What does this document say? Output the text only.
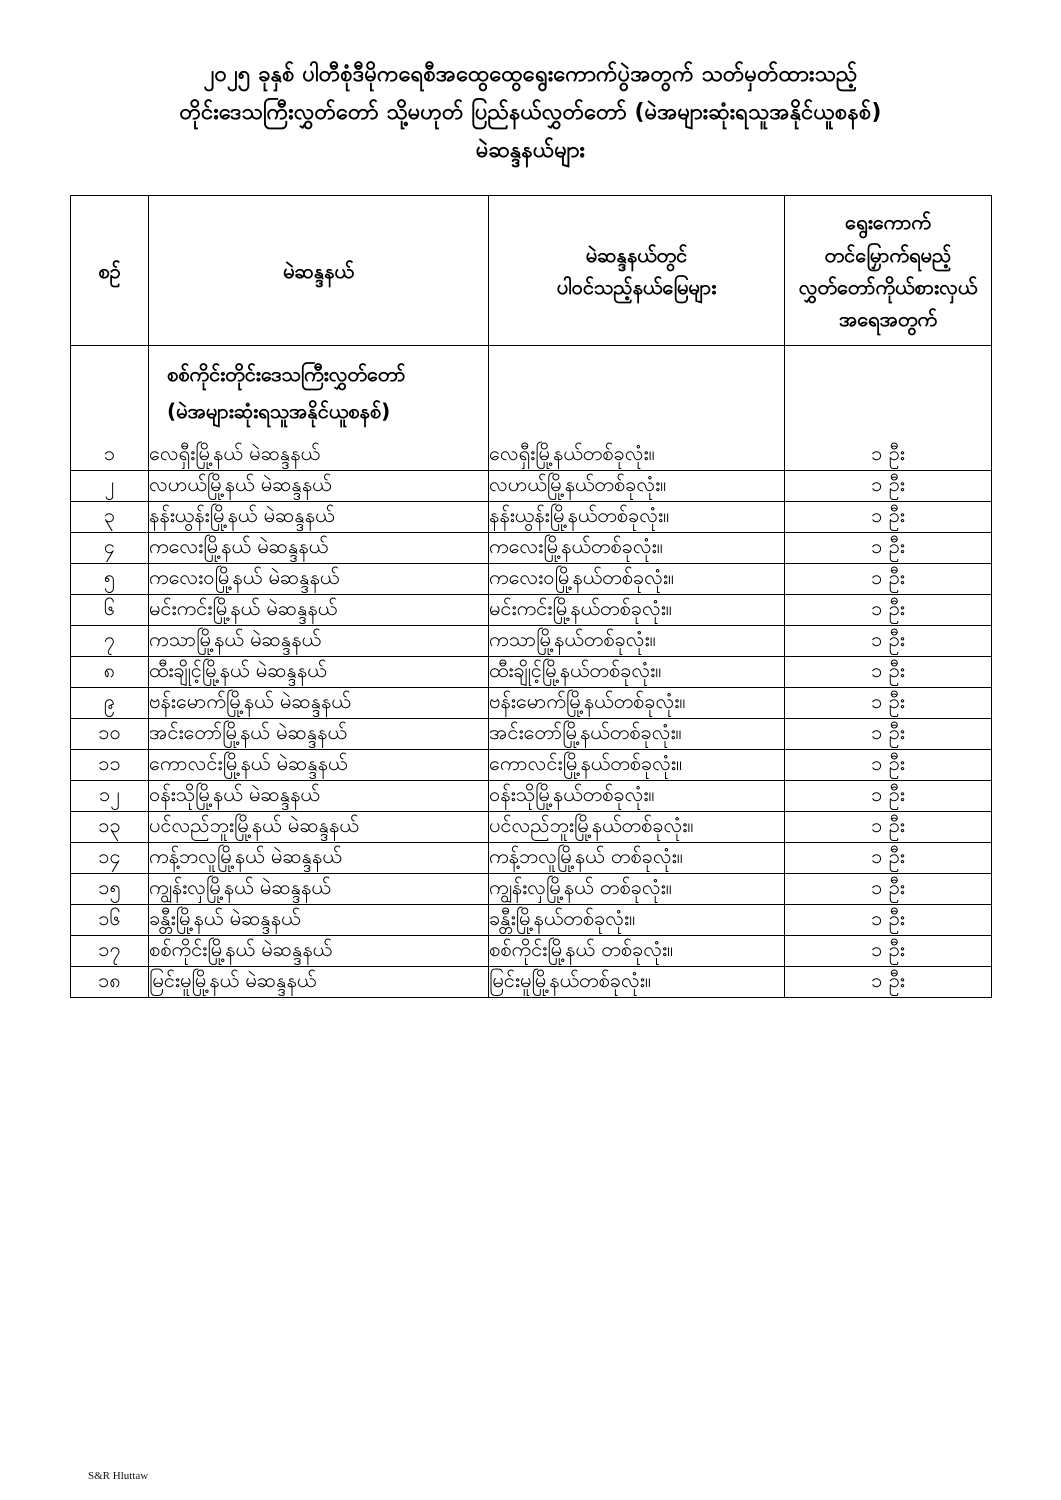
၂၀၂၅ ခုနှစ် ပါတီစုံဒီမိုကရေစီအထွေထွေရွေးကောက်ပွဲအတွက် သတ်မှတ်ထားသည့်
တိုင်းဒေသကြီးလွှတ်တော် သို့မဟုတ် ပြည်နယ်လွှတ်တော် (မဲအများဆုံးရသူအနိုင်ယူစနစ်)
မဲဆန္ဒနယ်များ
စဉ်	မဲဆန္ဒနယ်	မဲဆန္ဒနယ်တွင်
ပါဝင်သည့်နယ်မြေများ	ရွေးကောက်
တင်မြှောက်ရမည့်
လွှတ်တော်ကိုယ်စားလှယ်
အရေအတွက်

	စစ်ကိုင်းတိုင်းဒေသကြီးလွှတ်တော်
(မဲအများဆုံးရသူအနိုင်ယူစနစ်)		

၁	လေရှီးမြို့နယ် မဲဆန္ဒနယ်	လေရှီးမြို့နယ်တစ်ခုလုံး။	၁ ဦး
၂	လဟယ်မြို့နယ် မဲဆန္ဒနယ်	လဟယ်မြို့နယ်တစ်ခုလုံး။	၁ ဦး
၃	နန်းယွန်းမြို့နယ် မဲဆန္ဒနယ်	နန်းယွန်းမြို့နယ်တစ်ခုလုံး။	၁ ဦး
၄	ကလေးမြို့နယ် မဲဆန္ဒနယ်	ကလေးမြို့နယ်တစ်ခုလုံး။	၁ ဦး
၅	ကလေးဝမြို့နယ် မဲဆန္ဒနယ်	ကလေးဝမြို့နယ်တစ်ခုလုံး။	၁ ဦး
၆	မင်းကင်းမြို့နယ် မဲဆန္ဒနယ်	မင်းကင်းမြို့နယ်တစ်ခုလုံး။	၁ ဦး
၇	ကသာမြို့နယ် မဲဆန္ဒနယ်	ကသာမြို့နယ်တစ်ခုလုံး။	၁ ဦး
၈	ထီးချိုင့်မြို့နယ် မဲဆန္ဒနယ်	ထီးချိုင့်မြို့နယ်တစ်ခုလုံး။	၁ ဦး
၉	ဗန်းမောက်မြို့နယ် မဲဆန္ဒနယ်	ဗန်းမောက်မြို့နယ်တစ်ခုလုံး။	၁ ဦး
၁၀	အင်းတော်မြို့နယ် မဲဆန္ဒနယ်	အင်းတော်မြို့နယ်တစ်ခုလုံး။	၁ ဦး
၁၁	ကောလင်းမြို့နယ် မဲဆန္ဒနယ်	ကောလင်းမြို့နယ်တစ်ခုလုံး။	၁ ဦး
၁၂	ဝန်းသိုမြို့နယ် မဲဆန္ဒနယ်	ဝန်းသိုမြို့နယ်တစ်ခုလုံး။	၁ ဦး
၁၃	ပင်လည်ဘူးမြို့နယ် မဲဆန္ဒနယ်	ပင်လည်ဘူးမြို့နယ်တစ်ခုလုံး။	၁ ဦး
၁၄	ကန့်ဘလူမြို့နယ် မဲဆန္ဒနယ်	ကန့်ဘလူမြို့နယ် တစ်ခုလုံး။	၁ ဦး
၁၅	ကျွန်းလှမြို့နယ် မဲဆန္ဒနယ်	ကျွန်းလှမြို့နယ် တစ်ခုလုံး။	၁ ဦး
၁၆	ခန္တီးမြို့နယ် မဲဆန္ဒနယ်	ခန္တီးမြို့နယ်တစ်ခုလုံး။	၁ ဦး
၁၇	စစ်ကိုင်းမြို့နယ် မဲဆန္ဒနယ်	စစ်ကိုင်းမြို့နယ် တစ်ခုလုံး။	၁ ဦး
၁၈	မြင်းမူမြို့နယ် မဲဆန္ဒနယ်	မြင်းမူမြို့နယ်တစ်ခုလုံး။	၁ ဦး
S&R Hluttaw
